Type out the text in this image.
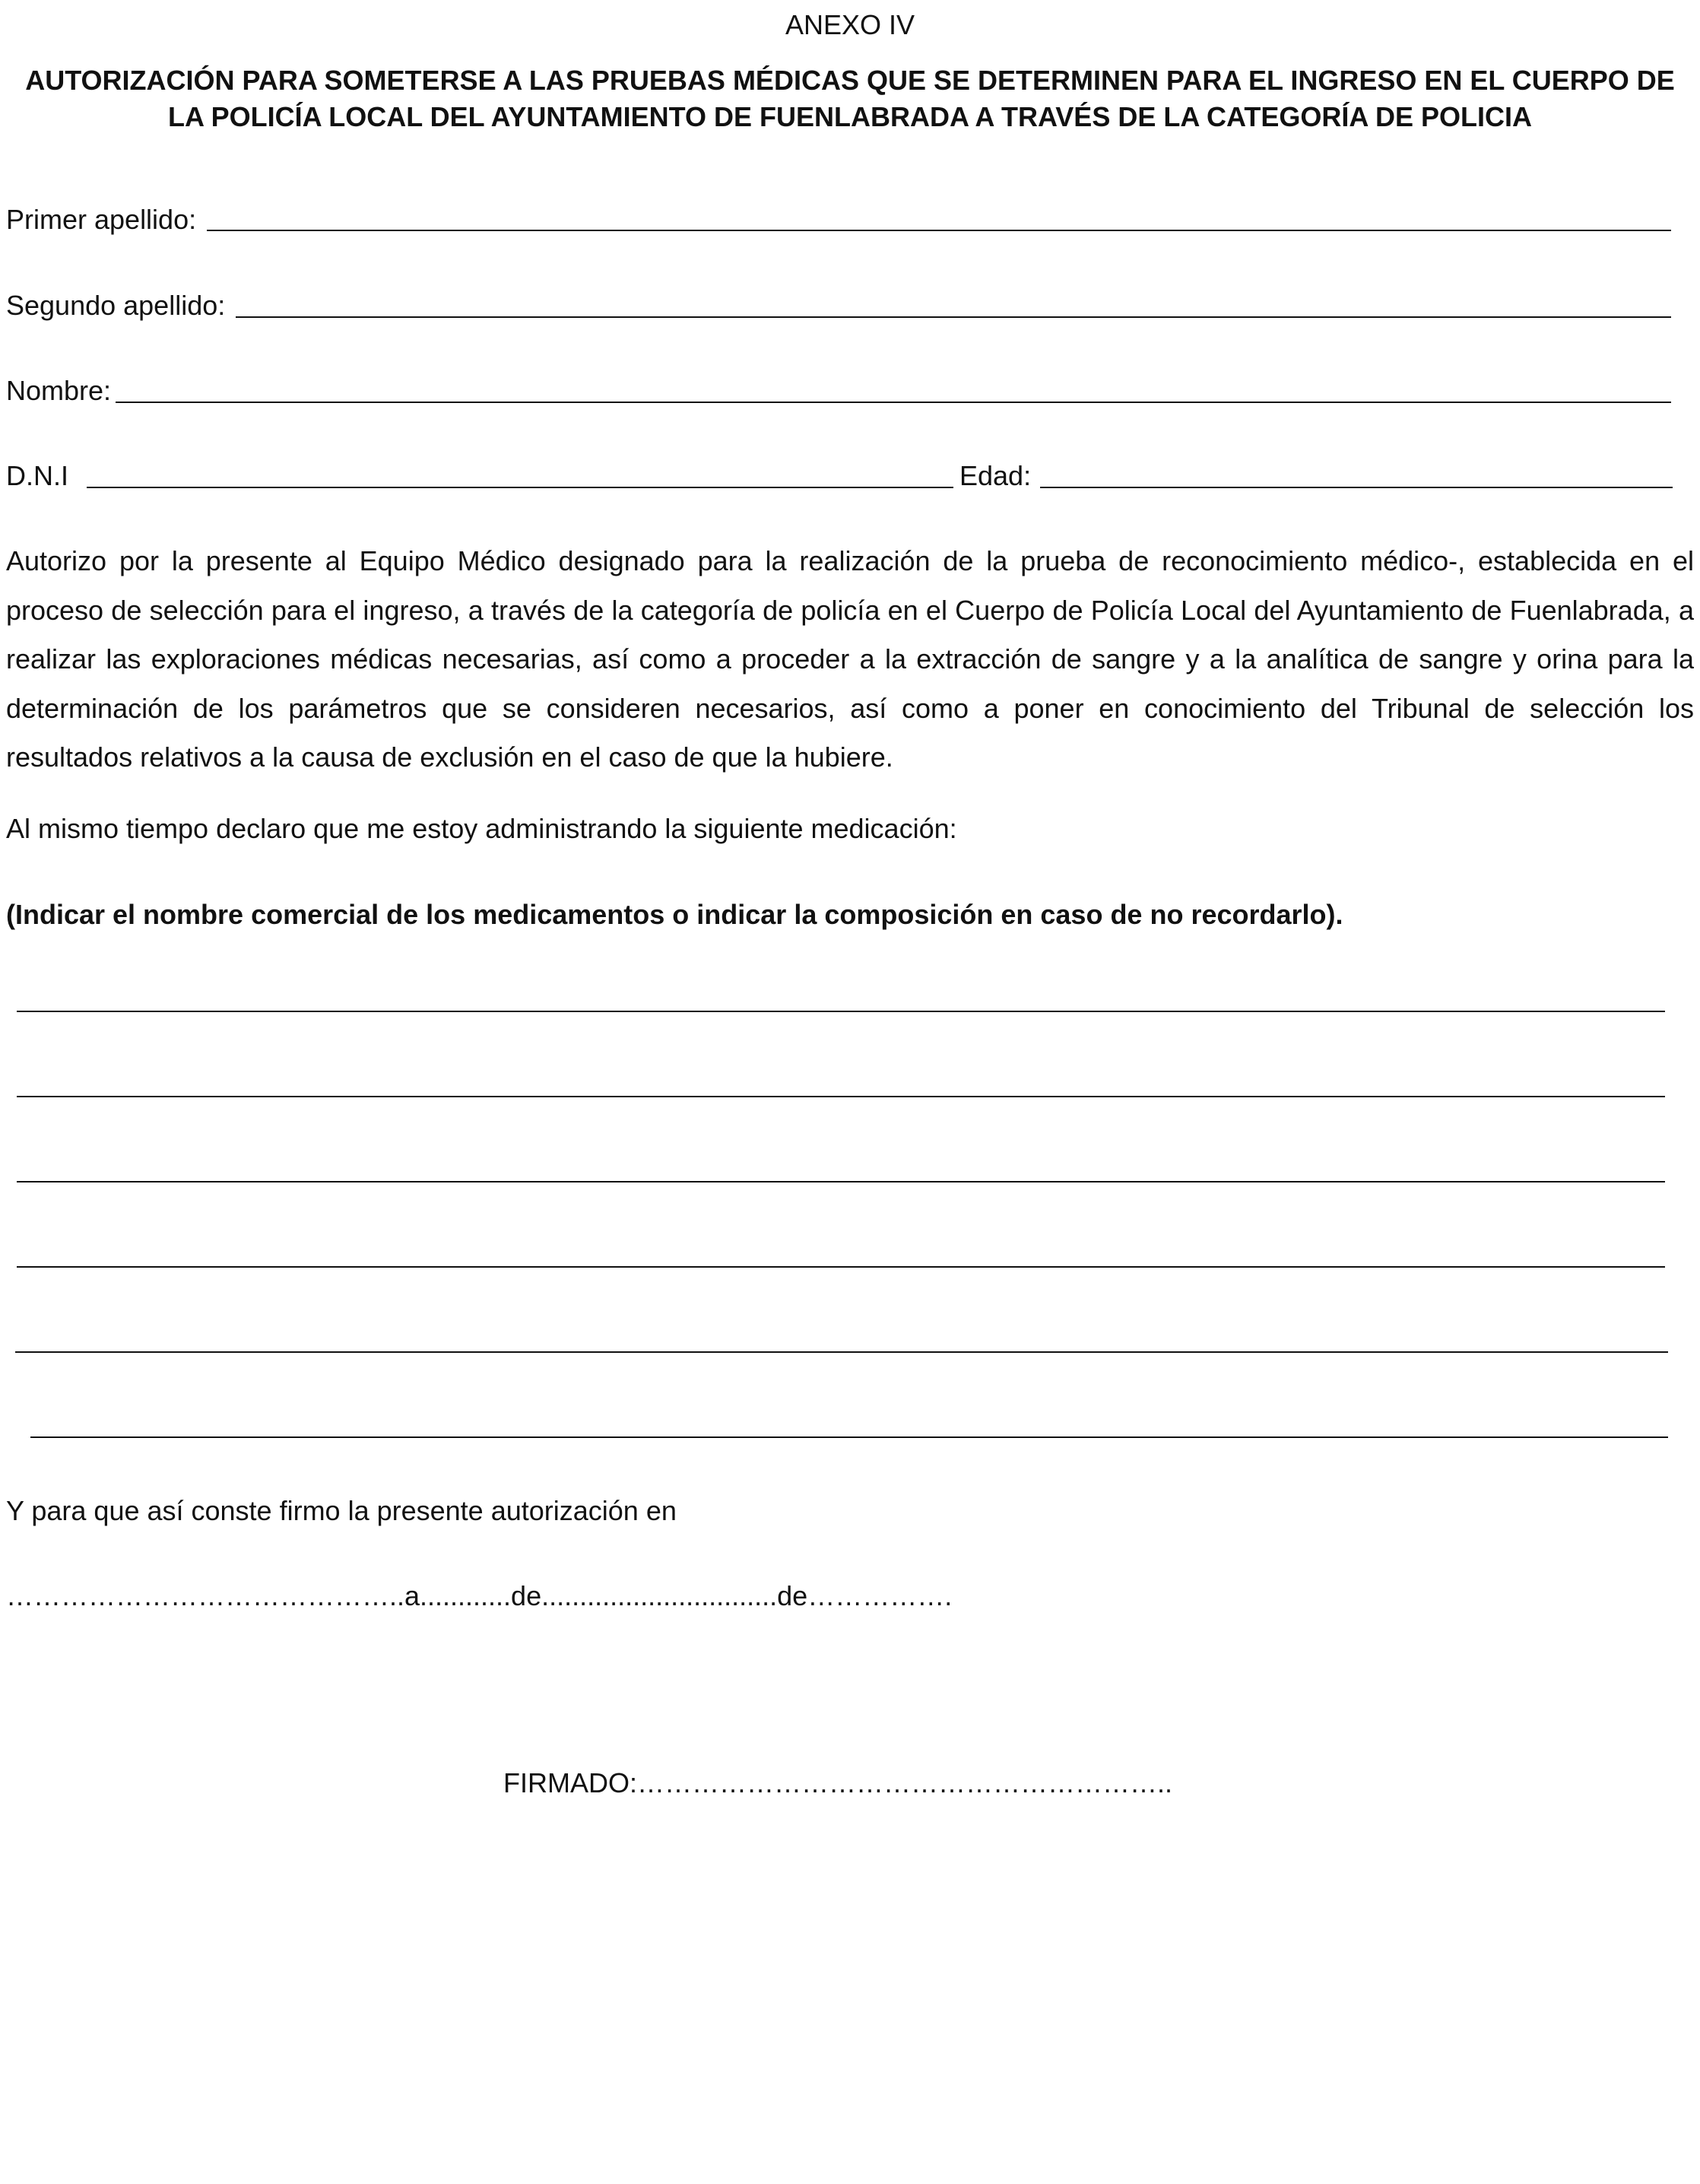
ANEXO IV
AUTORIZACIÓN PARA SOMETERSE A LAS PRUEBAS MÉDICAS QUE SE DETERMINEN PARA EL INGRESO EN EL CUERPO DE LA POLICÍA LOCAL DEL AYUNTAMIENTO DE FUENLABRADA A TRAVÉS DE LA CATEGORÍA DE POLICIA
Primer apellido:
Segundo apellido:
Nombre:
D.N.I	Edad:
Autorizo por la presente al Equipo Médico designado para la realización de la prueba de reconocimiento médico-, establecida en el proceso de selección para el ingreso, a través de la categoría de policía en el Cuerpo de Policía Local del Ayuntamiento de Fuenlabrada, a realizar las exploraciones médicas necesarias, así como a proceder a la extracción de sangre y a la analítica de sangre y orina para la determinación de los parámetros que se consideren necesarios, así como a poner en conocimiento del Tribunal de selección los resultados relativos a la causa de exclusión en el caso de que la hubiere.
Al mismo tiempo declaro que me estoy administrando la siguiente medicación:
(Indicar el nombre comercial de los medicamentos o indicar la composición en caso de no recordarlo).
Y para que así conste firmo la presente autorización en
……………………………………..a............de...............................de…………….
FIRMADO:…………………………………………………..
